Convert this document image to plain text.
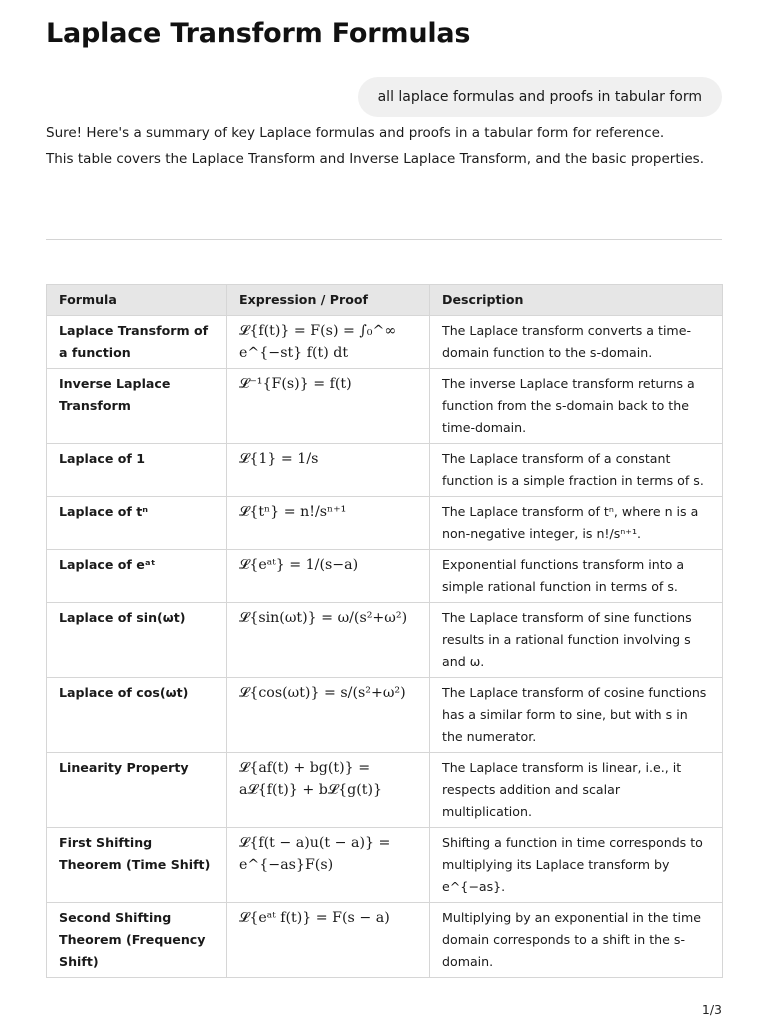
Laplace Transform Formulas
all laplace formulas and proofs in tabular form

Sure! Here's a summary of key Laplace formulas and proofs in a tabular form for reference.

This table covers the Laplace Transform and Inverse Laplace Transform, and the basic properties.

Formula	Expression / Proof	Description
Laplace Transform of a function	𝓛{f(t)} = F(s) = ∫₀^∞ e^{−st} f(t) dt	The Laplace transform converts a time-domain function to the s-domain.
Inverse Laplace Transform	𝓛⁻¹{F(s)} = f(t)	The inverse Laplace transform returns a function from the s-domain back to the time-domain.
Laplace of 1	𝓛{1} = 1/s	The Laplace transform of a constant function is a simple fraction in terms of s.
Laplace of tⁿ	𝓛{tⁿ} = n!/sⁿ⁺¹	The Laplace transform of tⁿ, where n is a non-negative integer, is n!/sⁿ⁺¹.
Laplace of eᵃᵗ	𝓛{eᵃᵗ} = 1/(s−a)	Exponential functions transform into a simple rational function in terms of s.
Laplace of sin(ωt)	𝓛{sin(ωt)} = ω/(s²+ω²)	The Laplace transform of sine functions results in a rational function involving s and ω.
Laplace of cos(ωt)	𝓛{cos(ωt)} = s/(s²+ω²)	The Laplace transform of cosine functions has a similar form to sine, but with s in the numerator.
Linearity Property	𝓛{af(t) + bg(t)} = a𝓛{f(t)} + b𝓛{g(t)}	The Laplace transform is linear, i.e., it respects addition and scalar multiplication.
First Shifting Theorem (Time Shift)	𝓛{f(t − a)u(t − a)} = e^{−as}F(s)	Shifting a function in time corresponds to multiplying its Laplace transform by e^{−as}.
Second Shifting Theorem (Frequency Shift)	𝓛{eᵃᵗ f(t)} = F(s − a)	Multiplying by an exponential in the time domain corresponds to a shift in the s-domain.
1/3
